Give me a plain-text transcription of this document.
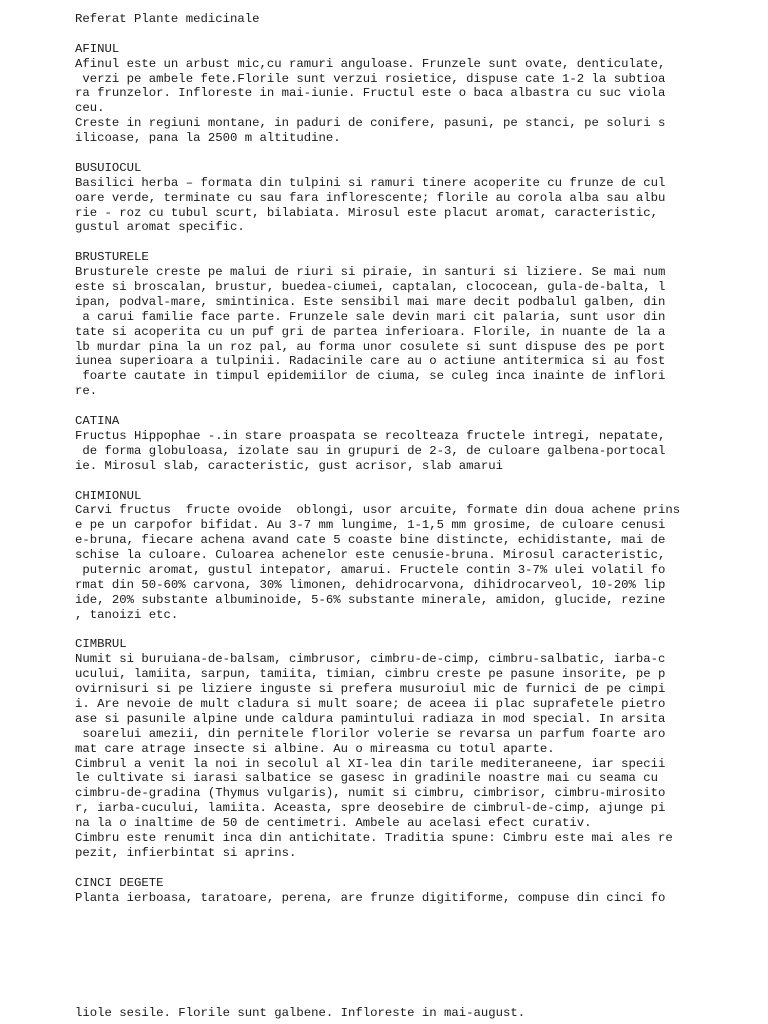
Referat Plante medicinale
AFINUL
Afinul este un arbust mic,cu ramuri anguloase. Frunzele sunt ovate, denticulate,
verzi pe ambele fete.Florile sunt verzui rosietice, dispuse cate 1-2 la subtioa
ra frunzelor. Infloreste in mai-iunie. Fructul este o baca albastra cu suc viola
ceu.
Creste in regiuni montane, in paduri de conifere, pasuni, pe stanci, pe soluri s
ilicoase, pana la 2500 m altitudine.
BUSUIOCUL
Basilici herba – formata din tulpini si ramuri tinere acoperite cu frunze de cul
oare verde, terminate cu sau fara inflorescente; florile au corola alba sau albu
rie - roz cu tubul scurt, bilabiata. Mirosul este placut aromat, caracteristic,
gustul aromat specific.
BRUSTURELE
Brusturele creste pe malui de riuri si piraie, in santuri si liziere. Se mai num
este si broscalan, brustur, buedea-ciumei, captalan, clococean, gula-de-balta, l
ipan, podval-mare, smintinica. Este sensibil mai mare decit podbalul galben, din
a carui familie face parte. Frunzele sale devin mari cit palaria, sunt usor din
tate si acoperita cu un puf gri de partea inferioara. Florile, in nuante de la a
lb murdar pina la un roz pal, au forma unor cosulete si sunt dispuse des pe port
iunea superioara a tulpinii. Radacinile care au o actiune antitermica si au fost
foarte cautate in timpul epidemiilor de ciuma, se culeg inca inainte de inflori
re.
CATINA
Fructus Hippophae -.in stare proaspata se recolteaza fructele intregi, nepatate,
de forma globuloasa, izolate sau in grupuri de 2-3, de culoare galbena-portocal
ie. Mirosul slab, caracteristic, gust acrisor, slab amarui
CHIMIONUL
Carvi fructus  fructe ovoide  oblongi, usor arcuite, formate din doua achene prins
e pe un carpofor bifidat. Au 3-7 mm lungime, 1-1,5 mm grosime, de culoare cenusi
e-bruna, fiecare achena avand cate 5 coaste bine distincte, echidistante, mai de
schise la culoare. Culoarea achenelor este cenusie-bruna. Mirosul caracteristic,
puternic aromat, gustul intepator, amarui. Fructele contin 3-7% ulei volatil fo
rmat din 50-60% carvona, 30% limonen, dehidrocarvona, dihidrocarveol, 10-20% lip
ide, 20% substante albuminoide, 5-6% substante minerale, amidon, glucide, rezine
, tanoizi etc.
CIMBRUL
Numit si buruiana-de-balsam, cimbrusor, cimbru-de-cimp, cimbru-salbatic, iarba-c
ucului, lamiita, sarpun, tamiita, timian, cimbru creste pe pasune insorite, pe p
ovirnisuri si pe liziere inguste si prefera musuroiul mic de furnici de pe cimpi
i. Are nevoie de mult cladura si mult soare; de aceea ii plac suprafetele pietro
ase si pasunile alpine unde caldura pamintului radiaza in mod special. In arsita
soarelui amezii, din pernitele florilor volerie se revarsa un parfum foarte aro
mat care atrage insecte si albine. Au o mireasma cu totul aparte.
Cimbrul a venit la noi in secolul al XI-lea din tarile mediteraneene, iar specii
le cultivate si iarasi salbatice se gasesc in gradinile noastre mai cu seama cu
cimbru-de-gradina (Thymus vulgaris), numit si cimbru, cimbrisor, cimbru-mirosito
r, iarba-cucului, lamiita. Aceasta, spre deosebire de cimbrul-de-cimp, ajunge pi
na la o inaltime de 50 de centimetri. Ambele au acelasi efect curativ.
Cimbru este renumit inca din antichitate. Traditia spune: Cimbru este mai ales re
pezit, infierbintat si aprins.
CINCI DEGETE
Planta ierboasa, taratoare, perena, are frunze digitiforme, compuse din cinci fo
liole sesile. Florile sunt galbene. Infloreste in mai-august.
